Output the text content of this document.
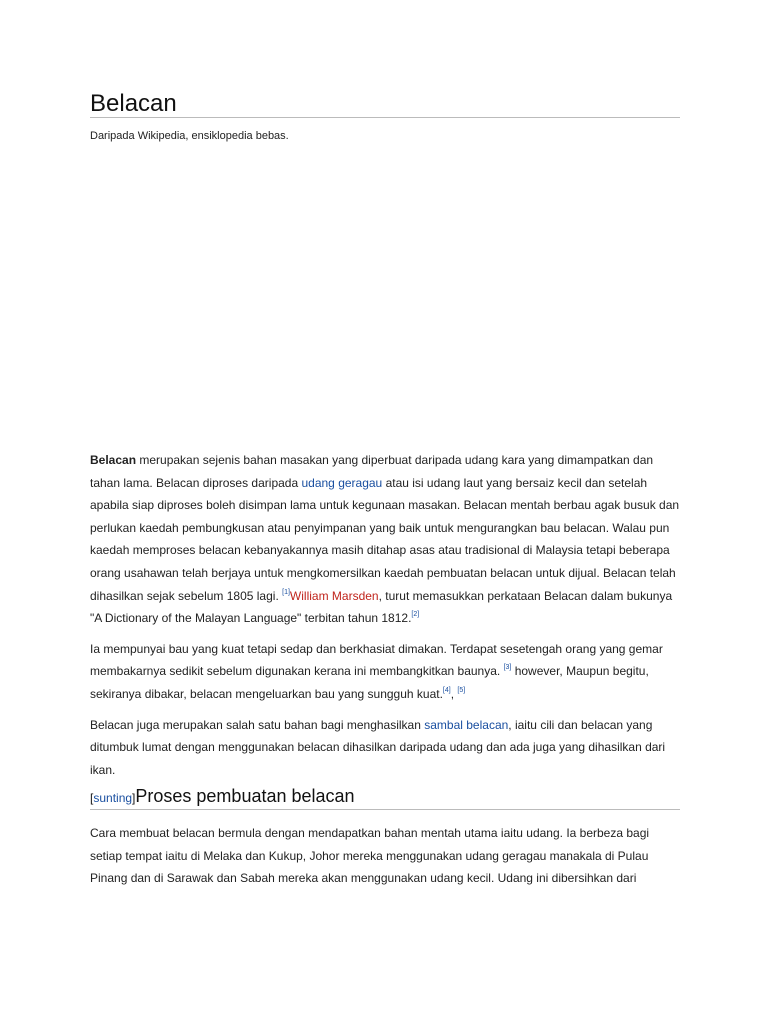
Belacan
Daripada Wikipedia, ensiklopedia bebas.

Belacan merupakan sejenis bahan masakan yang diperbuat daripada udang kara yang dimampatkan dan tahan lama. Belacan diproses daripada udang geragau atau isi udang laut yang bersaiz kecil dan setelah apabila siap diproses boleh disimpan lama untuk kegunaan masakan. Belacan mentah berbau agak busuk dan perlukan kaedah pembungkusan atau penyimpanan yang baik untuk mengurangkan bau belacan. Walau pun kaedah memproses belacan kebanyakannya masih ditahap asas atau tradisional di Malaysia tetapi beberapa orang usahawan telah berjaya untuk mengkomersilkan kaedah pembuatan belacan untuk dijual. Belacan telah dihasilkan sejak sebelum 1805 lagi. [1]William Marsden, turut memasukkan perkataan Belacan dalam bukunya "A Dictionary of the Malayan Language" terbitan tahun 1812.[2]

Ia mempunyai bau yang kuat tetapi sedap dan berkhasiat dimakan. Terdapat sesetengah orang yang gemar membakarnya sedikit sebelum digunakan kerana ini membangkitkan baunya. [3] however, Maupun begitu, sekiranya dibakar, belacan mengeluarkan bau yang sungguh kuat.[4], [5]

Belacan juga merupakan salah satu bahan bagi menghasilkan sambal belacan, iaitu cili dan belacan yang ditumbuk lumat dengan menggunakan belacan dihasilkan daripada udang dan ada juga yang dihasilkan dari ikan.

[sunting]Proses pembuatan belacan

Cara membuat belacan bermula dengan mendapatkan bahan mentah utama iaitu udang. Ia berbeza bagi setiap tempat iaitu di Melaka dan Kukup, Johor mereka menggunakan udang geragau manakala di Pulau Pinang dan di Sarawak dan Sabah mereka akan menggunakan udang kecil. Udang ini dibersihkan dari
